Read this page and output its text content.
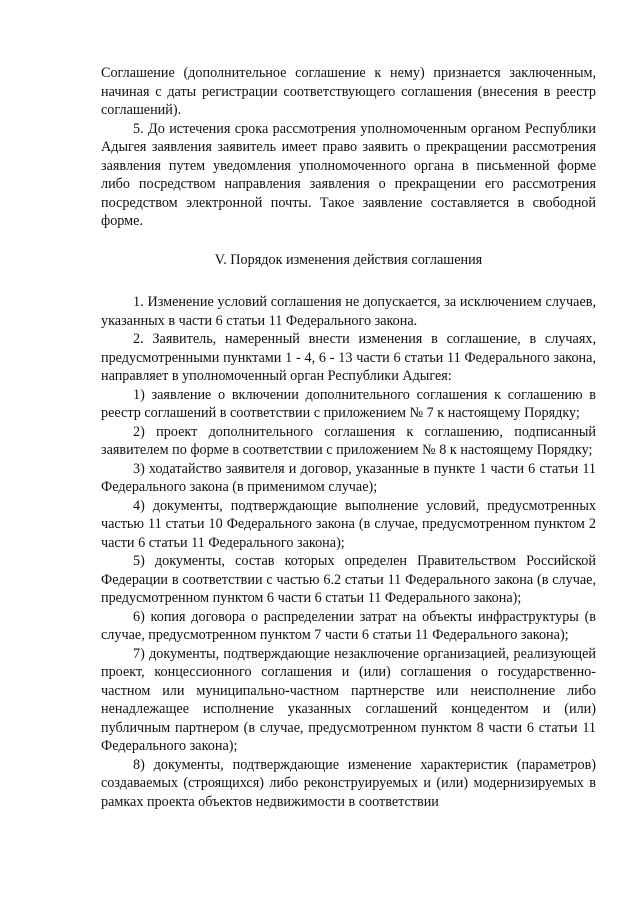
Соглашение (дополнительное соглашение к нему) признается заключенным, начиная с даты регистрации соответствующего соглашения (внесения в реестр соглашений).

5. До истечения срока рассмотрения уполномоченным органом Республики Адыгея заявления заявитель имеет право заявить о прекращении рассмотрения заявления путем уведомления уполномоченного органа в письменной форме либо посредством направления заявления о прекращении его рассмотрения посредством электронной почты. Такое заявление составляется в свободной форме.

V. Порядок изменения действия соглашения

1. Изменение условий соглашения не допускается, за исключением случаев, указанных в части 6 статьи 11 Федерального закона.

2. Заявитель, намеренный внести изменения в соглашение, в случаях, предусмотренными пунктами 1 - 4, 6 - 13 части 6 статьи 11 Федерального закона, направляет в уполномоченный орган Республики Адыгея:

1) заявление о включении дополнительного соглашения к соглашению в реестр соглашений в соответствии с приложением № 7 к настоящему Порядку;

2) проект дополнительного соглашения к соглашению, подписанный заявителем по форме в соответствии с приложением № 8 к настоящему Порядку;

3) ходатайство заявителя и договор, указанные в пункте 1 части 6 статьи 11 Федерального закона (в применимом случае);

4) документы, подтверждающие выполнение условий, предусмотренных частью 11 статьи 10 Федерального закона (в случае, предусмотренном пунктом 2 части 6 статьи 11 Федерального закона);

5) документы, состав которых определен Правительством Российской Федерации в соответствии с частью 6.2 статьи 11 Федерального закона (в случае, предусмотренном пунктом 6 части 6 статьи 11 Федерального закона);

6) копия договора о распределении затрат на объекты инфраструктуры (в случае, предусмотренном пунктом 7 части 6 статьи 11 Федерального закона);

7) документы, подтверждающие незаключение организацией, реализующей проект, концессионного соглашения и (или) соглашения о государственно-частном или муниципально-частном партнерстве или неисполнение либо ненадлежащее исполнение указанных соглашений концедентом и (или) публичным партнером (в случае, предусмотренном пунктом 8 части 6 статьи 11 Федерального закона);

8) документы, подтверждающие изменение характеристик (параметров) создаваемых (строящихся) либо реконструируемых и (или) модернизируемых в рамках проекта объектов недвижимости в соответствии
